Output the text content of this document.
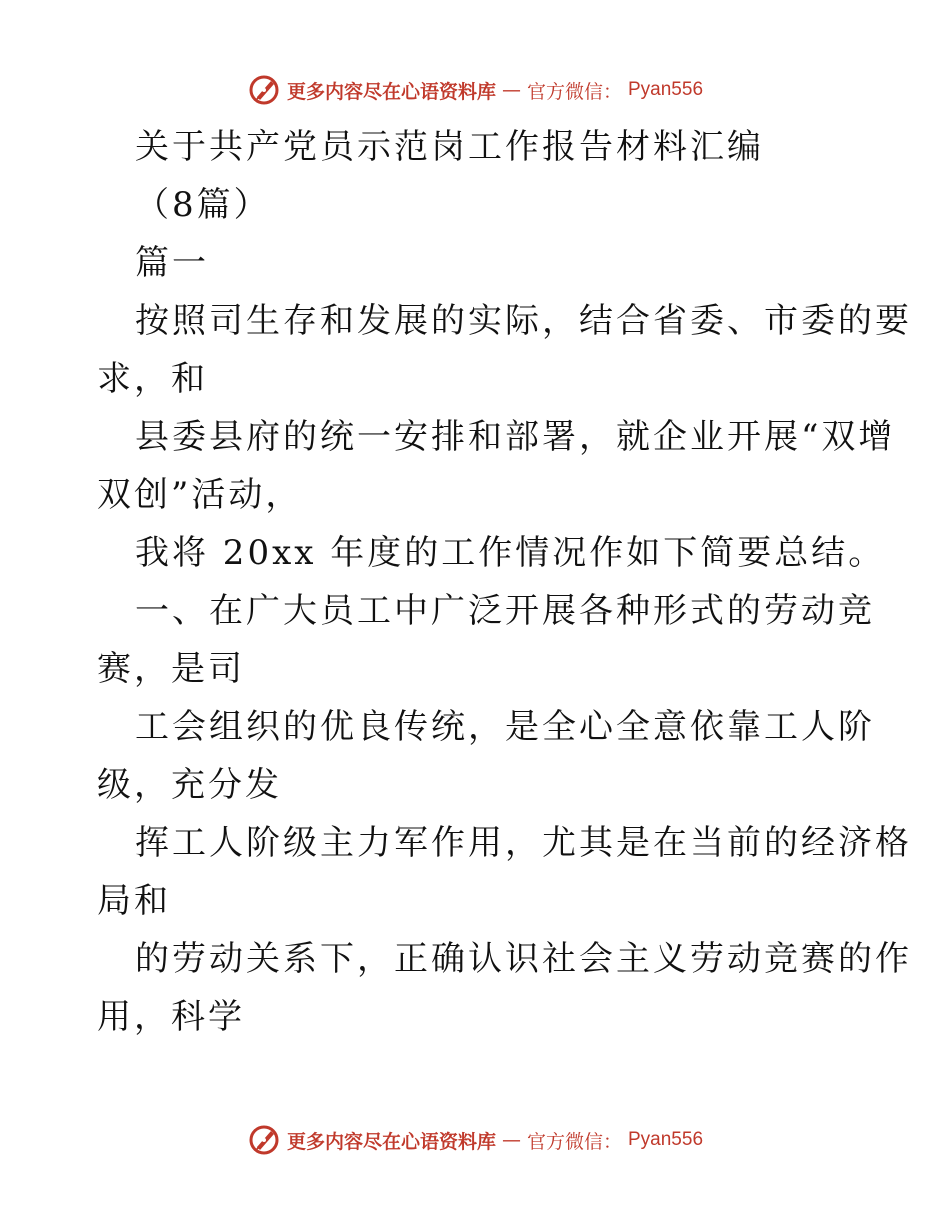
更多内容尽在心语资料库 — 官方微信： Pyan556
关于共产党员示范岗工作报告材料汇编
（8篇）
篇一
按照司生存和发展的实际，结合省委、市委的要
求，和
县委县府的统一安排和部署，就企业开展“双增
双创”活动，
我将 20xx 年度的工作情况作如下简要总结。
一、在广大员工中广泛开展各种形式的劳动竞
赛，是司
工会组织的优良传统，是全心全意依靠工人阶
级，充分发
挥工人阶级主力军作用，尤其是在当前的经济格
局和
的劳动关系下，正确认识社会主义劳动竞赛的作
用，科学
更多内容尽在心语资料库 — 官方微信： Pyan556
